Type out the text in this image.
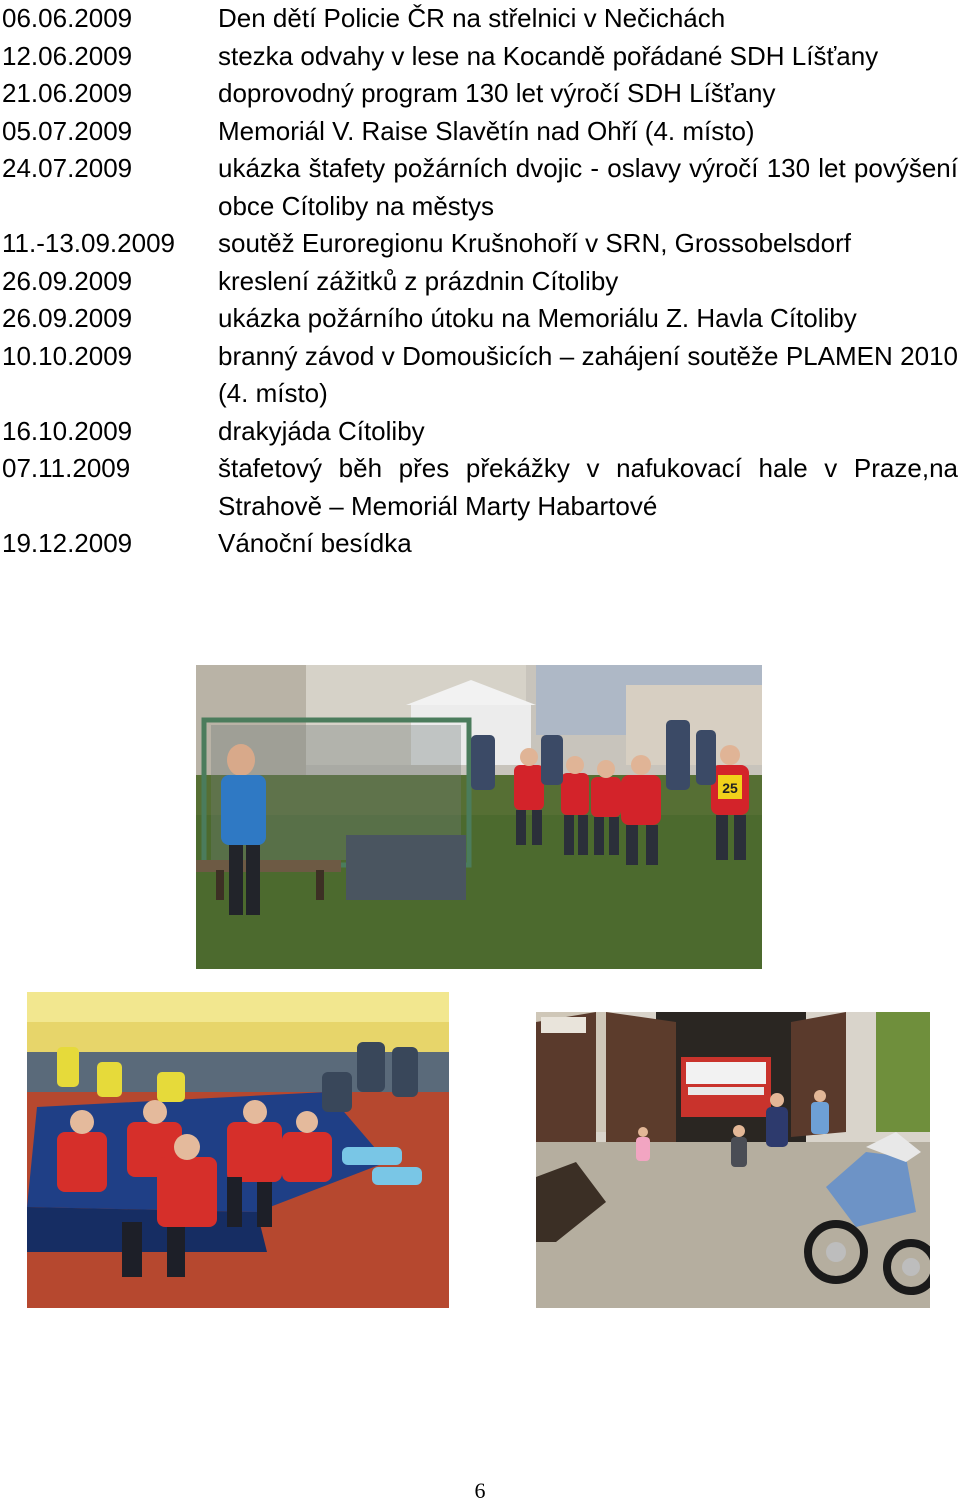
06.06.2009	Den dětí Policie ČR na střelnici v Nečichách
12.06.2009	stezka odvahy v lese na Kocandě pořádané SDH Líšťany
21.06.2009	doprovodný program 130 let výročí SDH Líšťany
05.07.2009	Memoriál V. Raise Slavětín nad Ohří (4. místo)
24.07.2009	ukázka štafety požárních dvojic - oslavy výročí 130 let povýšení obce Cítoliby na městys
11.-13.09.2009 soutěž Euroregionu Krušnohoří v SRN, Grossobelsdorf
26.09.2009	kreslení zážitků z prázdnin Cítoliby
26.09.2009	ukázka požárního útoku na Memoriálu Z. Havla Cítoliby
10.10.2009	branný závod v Domoušicích – zahájení soutěže PLAMEN 2010 (4. místo)
16.10.2009	drakyjáda Cítoliby
07.11.2009	štafetový běh přes překážky v nafukovací hale v Praze,na Strahově – Memoriál Marty Habartové
19.12.2009	Vánoční besídka
25
6
